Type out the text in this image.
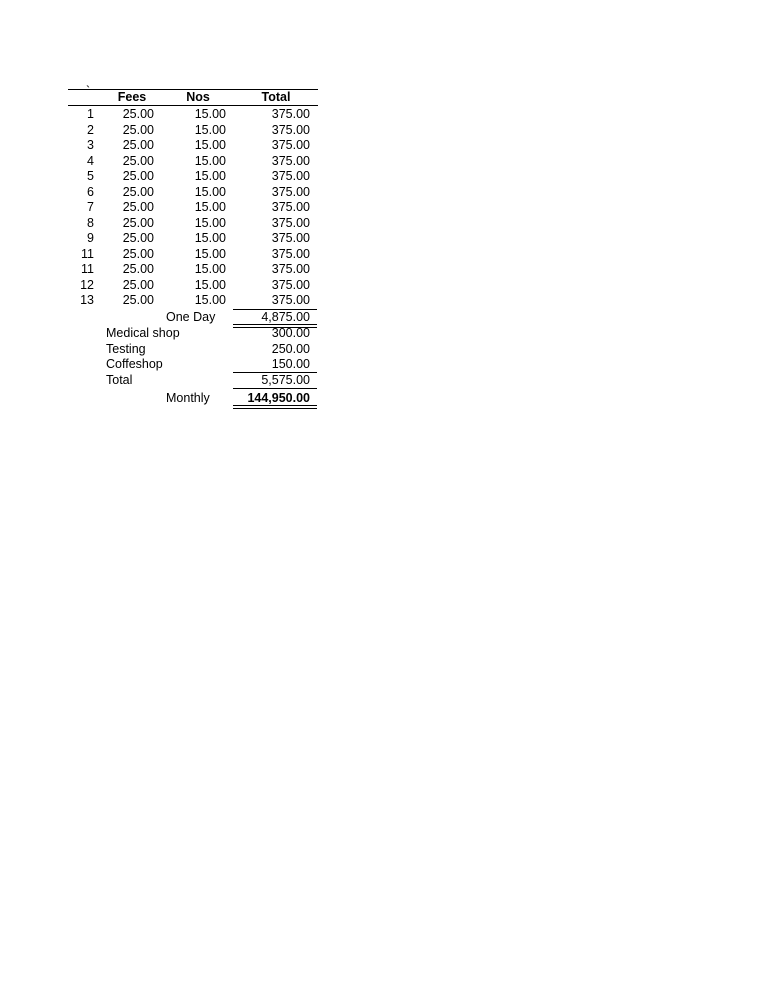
`	Fees	Nos	Total
1	25.00	15.00	375.00
2	25.00	15.00	375.00
3	25.00	15.00	375.00
4	25.00	15.00	375.00
5	25.00	15.00	375.00
6	25.00	15.00	375.00
7	25.00	15.00	375.00
8	25.00	15.00	375.00
9	25.00	15.00	375.00
11	25.00	15.00	375.00
11	25.00	15.00	375.00
12	25.00	15.00	375.00
13	25.00	15.00	375.00
One Day	4,875.00
Medical shop	300.00
Testing	250.00
Coffeshop	150.00
Total	5,575.00
Monthly	144,950.00
